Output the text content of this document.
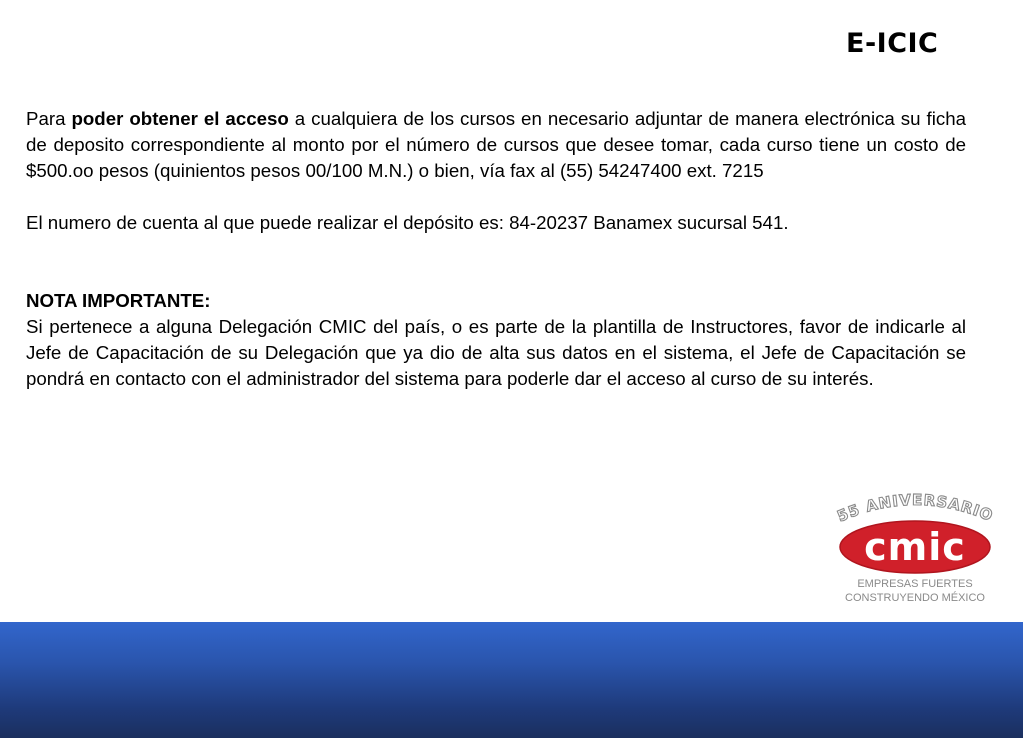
E-ICIC

Para poder obtener el acceso a cualquiera de los cursos en necesario adjuntar de manera electrónica su ficha de deposito correspondiente al monto por el número de cursos que desee tomar, cada curso tiene un costo de $500.oo pesos (quinientos pesos 00/100 M.N.) o bien, vía fax al (55) 54247400 ext. 7215

El numero de cuenta al que puede realizar el depósito es: 84-20237 Banamex sucursal 541.

NOTA IMPORTANTE:

Si pertenece a alguna Delegación CMIC del país, o es parte de la plantilla de Instructores, favor de indicarle al Jefe de Capacitación de su Delegación que ya dio de alta sus datos en el sistema, el Jefe de Capacitación se pondrá en contacto con el administrador del sistema para poderle dar el acceso al curso de su interés.

55 ANIVERSARIO
cmic
EMPRESAS FUERTES
CONSTRUYENDO MÉXICO
